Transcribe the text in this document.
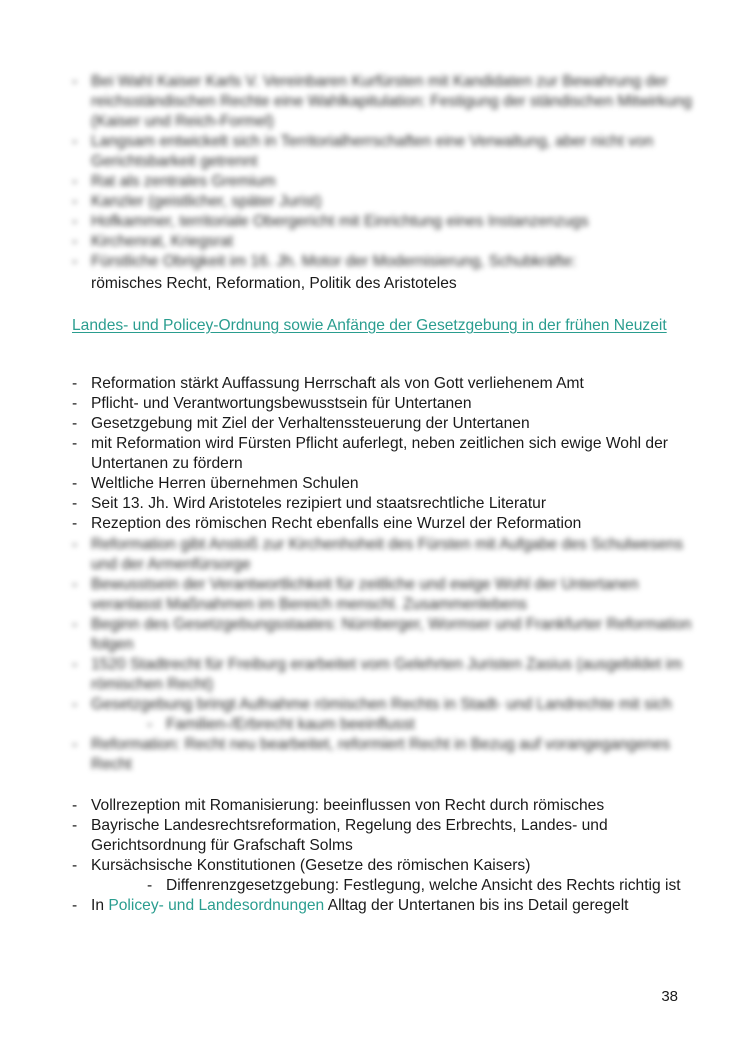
- Bei Wahl Kaiser Karls V. Vereinbaren Kurfürsten mit Kandidaten zur Bewahrung der reichsständischen Rechte eine Wahlkapitulation: Festigung der ständischen Mitwirkung (Kaiser und Reich-Formel)
- Langsam entwickelt sich in Territorialherrschaften eine Verwaltung, aber nicht von Gerichtsbarkeit getrennt
- Rat als zentrales Gremium
- Kanzler (geistlicher, später Jurist)
- Hofkammer, territoriale Obergericht mit Einrichtung eines Instanzenzugs
- Kirchenrat, Kriegsrat
- Fürstliche Obrigkeit im 16. Jh. Motor der Modernisierung, Schubkräfte:
römisches Recht, Reformation, Politik des Aristoteles
Landes- und Policey-Ordnung sowie Anfänge der Gesetzgebung in der frühen Neuzeit
- Reformation stärkt Auffassung Herrschaft als von Gott verliehenem Amt
- Pflicht- und Verantwortungsbewusstsein für Untertanen
- Gesetzgebung mit Ziel der Verhaltenssteuerung der Untertanen
- mit Reformation wird Fürsten Pflicht auferlegt, neben zeitlichen sich ewige Wohl der Untertanen zu fördern
- Weltliche Herren übernehmen Schulen
- Seit 13. Jh. Wird Aristoteles rezipiert und staatsrechtliche Literatur
- Rezeption des römischen Recht ebenfalls eine Wurzel der Reformation
- Reformation gibt Anstoß zur Kirchenhoheit des Fürsten mit Aufgabe des Schulwesens und der Armenfürsorge
- Bewusstsein der Verantwortlichkeit für zeitliche und ewige Wohl der Untertanen veranlasst Maßnahmen im Bereich menschl. Zusammenlebens
- Beginn des Gesetzgebungsstaates: Nürnberger, Wormser und Frankfurter Reformation folgen
- 1520 Stadtrecht für Freiburg erarbeitet vom Gelehrten Juristen Zasius (ausgebildet im römischen Recht)
- Gesetzgebung bringt Aufnahme römischen Rechts in Stadt- und Landrechte mit sich
- Familien-/Erbrecht kaum beeinflusst
- Reformation: Recht neu bearbeitet, reformiert Recht in Bezug auf vorangegangenes Recht
- Vollrezeption mit Romanisierung: beeinflussen von Recht durch römisches
- Bayrische Landesrechtsreformation, Regelung des Erbrechts, Landes- und Gerichtsordnung für Grafschaft Solms
- Kursächsische Konstitutionen (Gesetze des römischen Kaisers)
- Diffenrenzgesetzgebung: Festlegung, welche Ansicht des Rechts richtig ist
- In Policey- und Landesordnungen Alltag der Untertanen bis ins Detail geregelt
38
